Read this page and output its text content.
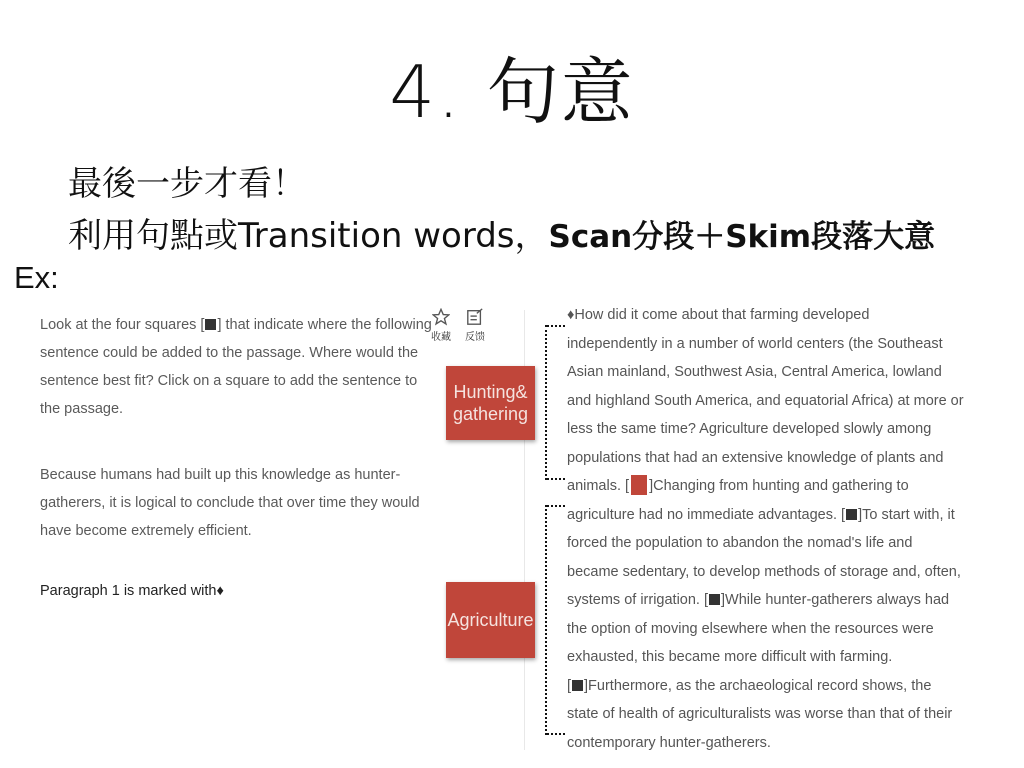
4. 句意
最後一步才看！
利用句點或Transition words，Scan分段＋Skim段落大意
Ex:

Look at the four squares [ ] that indicate where the following sentence could be added to the passage. Where would the sentence best fit? Click on a square to add the sentence to the passage.

Because humans had built up this knowledge as hunter-gatherers, it is logical to conclude that over time they would have become extremely efficient.

Paragraph 1 is marked with♦
收藏	反馈
Hunting& gathering
Agriculture
♦How did it come about that farming developed
independently in a number of world centers (the Southeast
Asian mainland, Southwest Asia, Central America, lowland
and highland South America, and equatorial Africa) at more or
less the same time? Agriculture developed slowly among
populations that had an extensive knowledge of plants and
animals. [ ]Changing from hunting and gathering to
agriculture had no immediate advantages. [ ]To start with, it
forced the population to abandon the nomad's life and
became sedentary, to develop methods of storage and, often,
systems of irrigation. [ ]While hunter-gatherers always had
the option of moving elsewhere when the resources were
exhausted, this became more difficult with farming.
[ ]Furthermore, as the archaeological record shows, the
state of health of agriculturalists was worse than that of their
contemporary hunter-gatherers.
